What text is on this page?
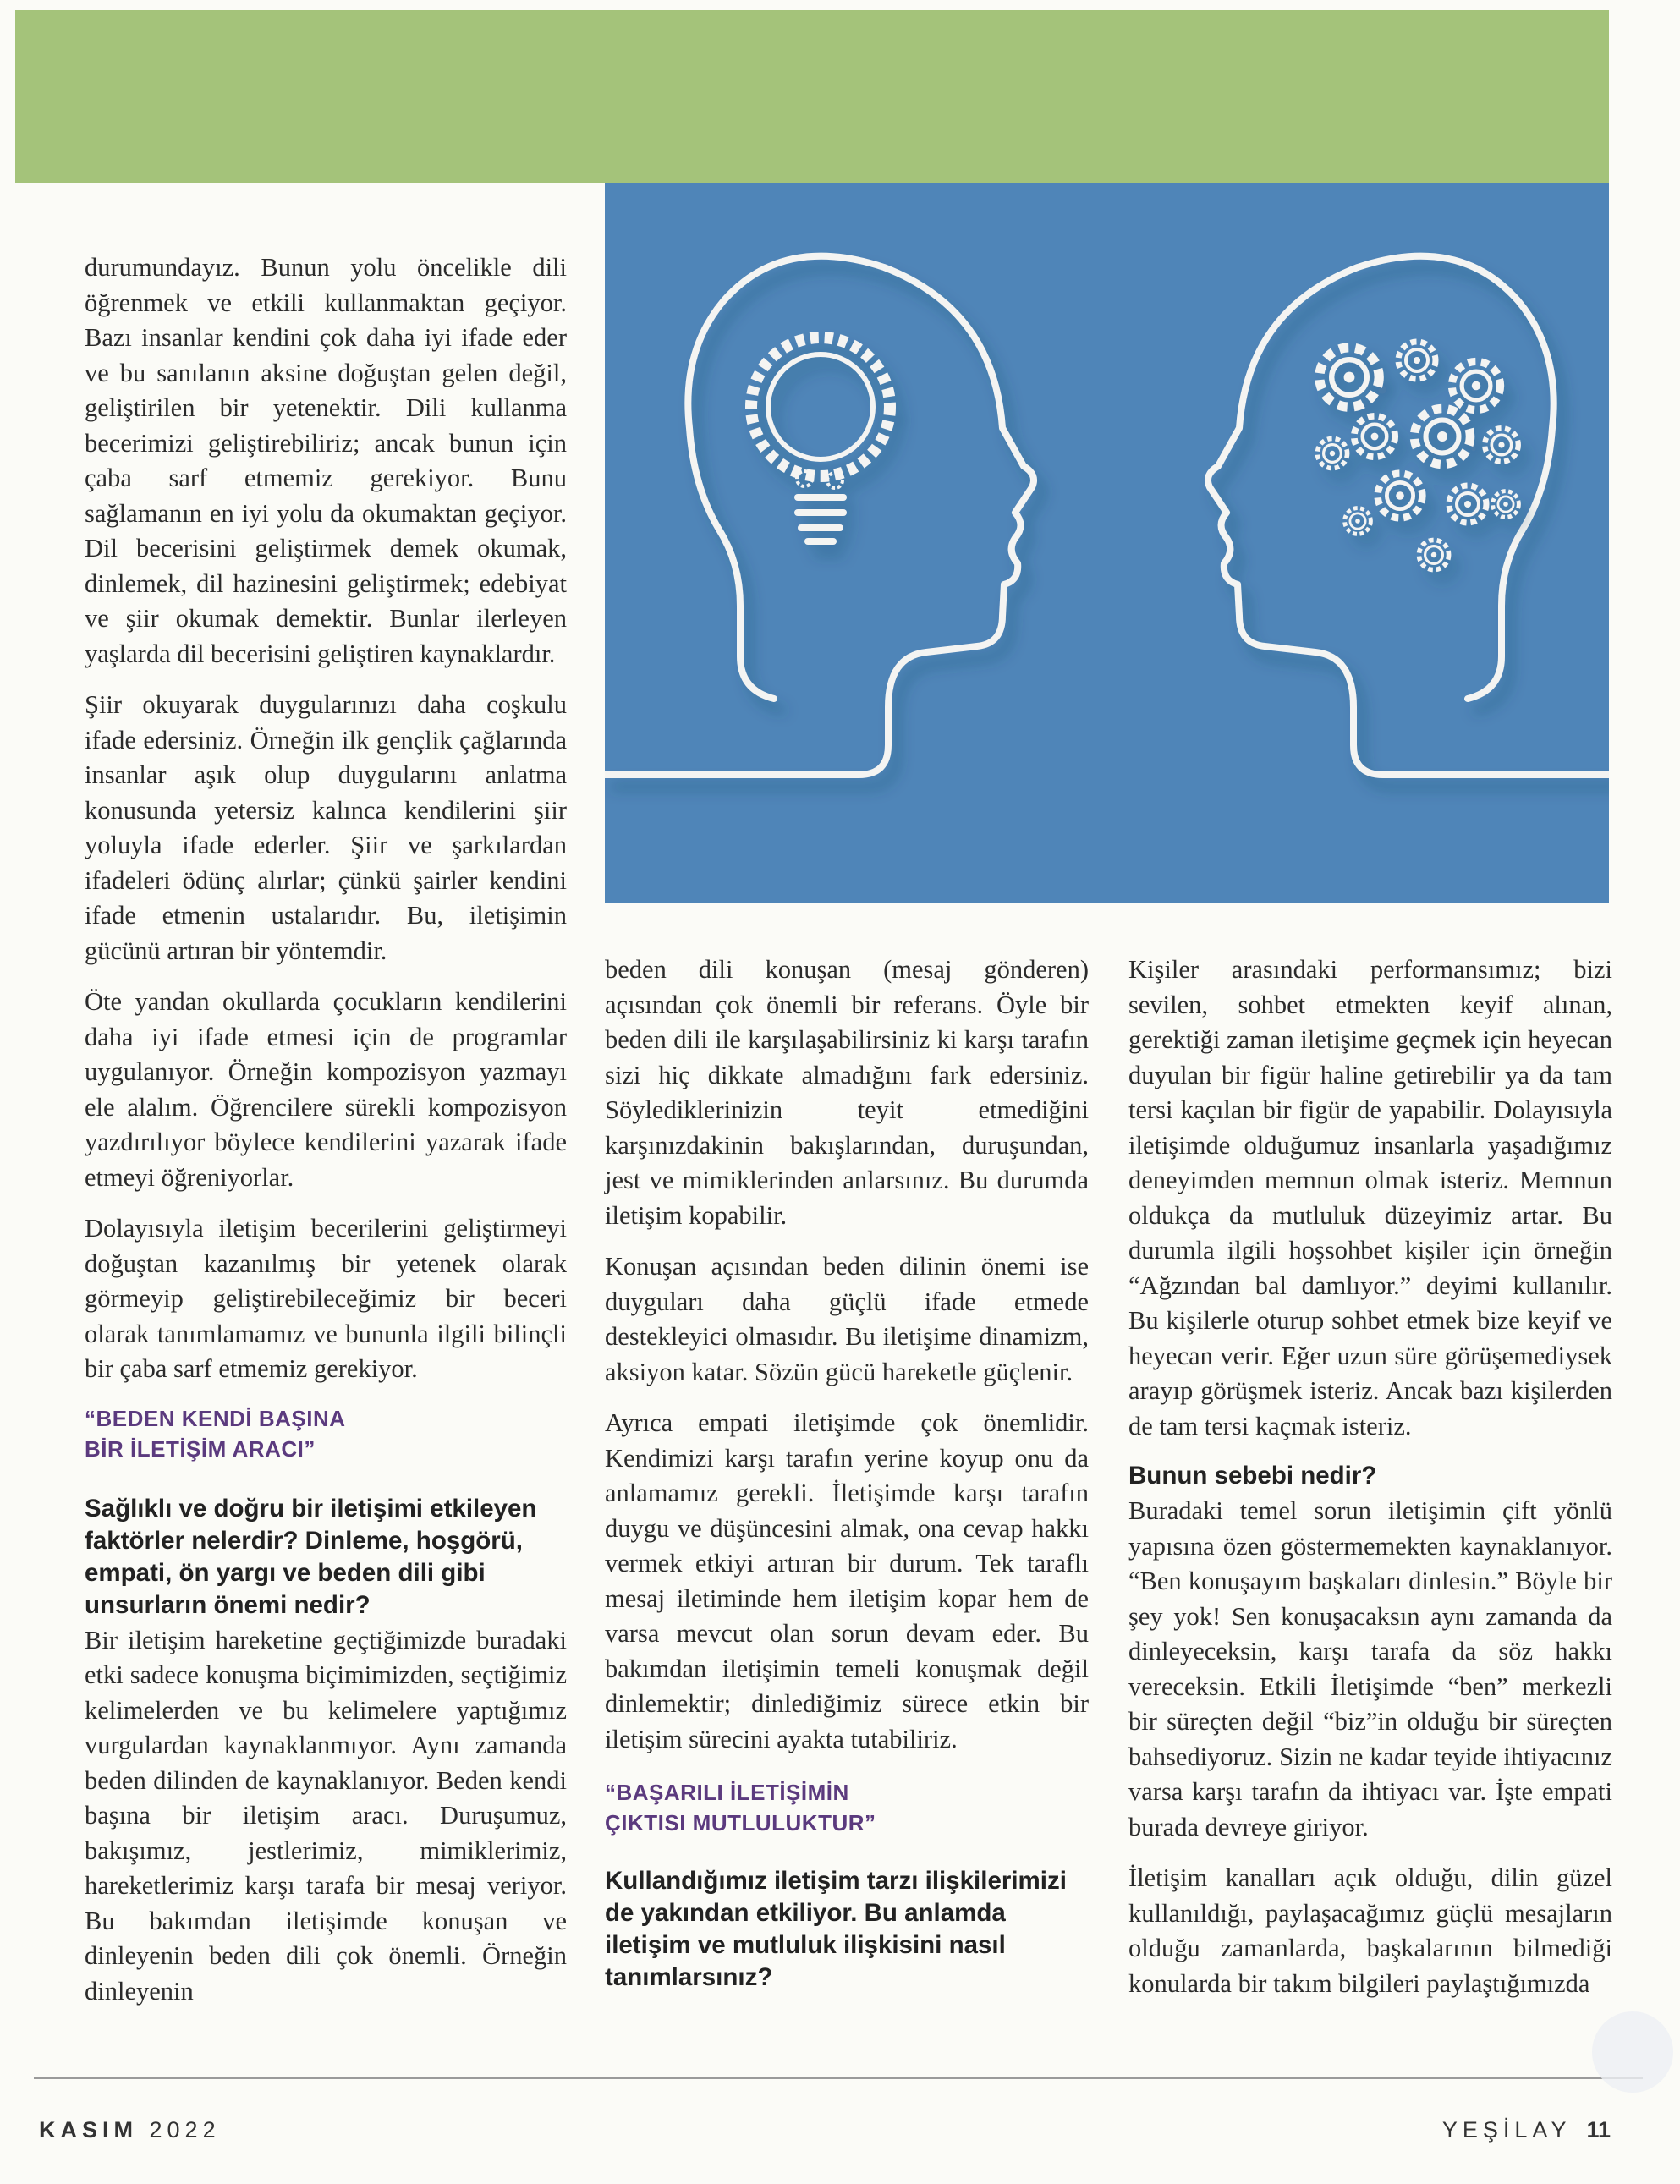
durumundayız. Bunun yolu öncelikle dili öğrenmek ve etkili kullanmaktan geçiyor. Bazı insanlar kendini çok daha iyi ifade eder ve bu sanılanın aksine doğuştan gelen değil, geliştirilen bir yetenektir. Dili kullanma becerimizi geliştirebiliriz; ancak bunun için çaba sarf etmemiz gerekiyor. Bunu sağlamanın en iyi yolu da okumaktan geçiyor. Dil becerisini geliştirmek demek okumak, dinlemek, dil hazinesini geliştirmek; edebiyat ve şiir okumak demektir. Bunlar ilerleyen yaşlarda dil becerisini geliştiren kaynaklardır.

Şiir okuyarak duygularınızı daha coşkulu ifade edersiniz. Örneğin ilk gençlik çağlarında insanlar aşık olup duygularını anlatma konusunda yetersiz kalınca kendilerini şiir yoluyla ifade ederler. Şiir ve şarkılardan ifadeleri ödünç alırlar; çünkü şairler kendini ifade etmenin ustalarıdır. Bu, iletişimin gücünü artıran bir yöntemdir.

Öte yandan okullarda çocukların kendilerini daha iyi ifade etmesi için de programlar uygulanıyor. Örneğin kompozisyon yazmayı ele alalım. Öğrencilere sürekli kompozisyon yazdırılıyor böylece kendilerini yazarak ifade etmeyi öğreniyorlar.

Dolayısıyla iletişim becerilerini geliştirmeyi doğuştan kazanılmış bir yetenek olarak görmeyip geliştirebileceğimiz bir beceri olarak tanımlamamız ve bununla ilgili bilinçli bir çaba sarf etmemiz gerekiyor.

“BEDEN KENDİ BAŞINA
BİR İLETİŞİM ARACI”
Sağlıklı ve doğru bir iletişimi etkileyen faktörler nelerdir? Dinleme, hoşgörü, empati, ön yargı ve beden dili gibi unsurların önemi nedir?

Bir iletişim hareketine geçtiğimizde buradaki etki sadece konuşma biçimimizden, seçtiğimiz kelimelerden ve bu kelimelere yaptığımız vurgulardan kaynaklanmıyor. Aynı zamanda beden dilinden de kaynaklanıyor. Beden kendi başına bir iletişim aracı. Duruşumuz, bakışımız, jestlerimiz, mimiklerimiz, hareketlerimiz karşı tarafa bir mesaj veriyor. Bu bakımdan iletişimde konuşan ve dinleyenin beden dili çok önemli. Örneğin dinleyenin

beden dili konuşan (mesaj gönderen) açısından çok önemli bir referans. Öyle bir beden dili ile karşılaşabilirsiniz ki karşı tarafın sizi hiç dikkate almadığını fark edersiniz. Söylediklerinizin teyit etmediğini karşınızdakinin bakışlarından, duruşundan, jest ve mimiklerinden anlarsınız. Bu durumda iletişim kopabilir.

Konuşan açısından beden dilinin önemi ise duyguları daha güçlü ifade etmede destekleyici olmasıdır. Bu iletişime dinamizm, aksiyon katar. Sözün gücü hareketle güçlenir.

Ayrıca empati iletişimde çok önemlidir. Kendimizi karşı tarafın yerine koyup onu da anlamamız gerekli. İletişimde karşı tarafın duygu ve düşüncesini almak, ona cevap hakkı vermek etkiyi artıran bir durum. Tek taraflı mesaj iletiminde hem iletişim kopar hem de varsa mevcut olan sorun devam eder. Bu bakımdan iletişimin temeli konuşmak değil dinlemektir; dinlediğimiz sürece etkin bir iletişim sürecini ayakta tutabiliriz.

“BAŞARILI İLETİŞİMİN
ÇIKTISI MUTLULUKTUR”
Kullandığımız iletişim tarzı ilişkilerimizi de yakından etkiliyor. Bu anlamda iletişim ve mutluluk ilişkisini nasıl tanımlarsınız?

Kişiler arasındaki performansımız; bizi sevilen, sohbet etmekten keyif alınan, gerektiği zaman iletişime geçmek için heyecan duyulan bir figür haline getirebilir ya da tam tersi kaçılan bir figür de yapabilir. Dolayısıyla iletişimde olduğumuz insanlarla yaşadığımız deneyimden memnun olmak isteriz. Memnun oldukça da mutluluk düzeyimiz artar. Bu durumla ilgili hoşsohbet kişiler için örneğin “Ağzından bal damlıyor.” deyimi kullanılır. Bu kişilerle oturup sohbet etmek bize keyif ve heyecan verir. Eğer uzun süre görüşemediysek arayıp görüşmek isteriz. Ancak bazı kişilerden de tam tersi kaçmak isteriz.

Bunun sebebi nedir?

Buradaki temel sorun iletişimin çift yönlü yapısına özen göstermemekten kaynaklanıyor. “Ben konuşayım başkaları dinlesin.” Böyle bir şey yok! Sen konuşacaksın aynı zamanda da dinleyeceksin, karşı tarafa da söz hakkı vereceksin. Etkili İletişimde “ben” merkezli bir süreçten değil “biz”in olduğu bir süreçten bahsediyoruz. Sizin ne kadar teyide ihtiyacınız varsa karşı tarafın da ihtiyacı var. İşte empati burada devreye giriyor.

İletişim kanalları açık olduğu, dilin güzel kullanıldığı, paylaşacağımız güçlü mesajların olduğu zamanlarda, başkalarının bilmediği konularda bir takım bilgileri paylaştığımızda

KASIM 2022	YEŞİLAY 11
